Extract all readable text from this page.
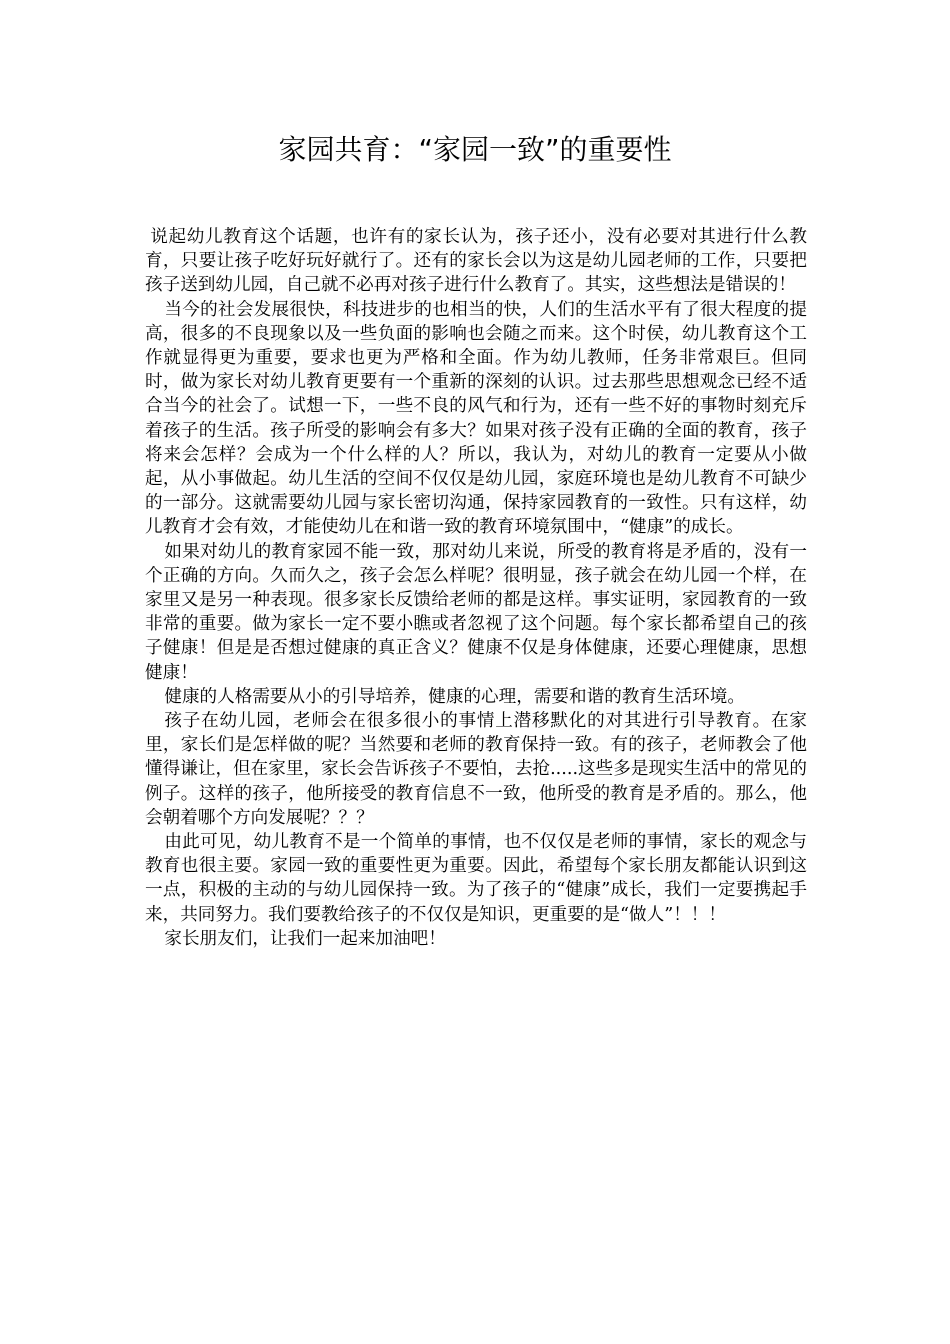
家园共育：“家园一致”的重要性

说起幼儿教育这个话题，也许有的家长认为，孩子还小，没有必要对其进行什么教育，只要让孩子吃好玩好就行了。还有的家长会以为这是幼儿园老师的工作，只要把孩子送到幼儿园，自己就不必再对孩子进行什么教育了。其实，这些想法是错误的！

当今的社会发展很快，科技进步的也相当的快，人们的生活水平有了很大程度的提高，很多的不良现象以及一些负面的影响也会随之而来。这个时侯，幼儿教育这个工作就显得更为重要，要求也更为严格和全面。作为幼儿教师，任务非常艰巨。但同时，做为家长对幼儿教育更要有一个重新的深刻的认识。过去那些思想观念已经不适合当今的社会了。试想一下，一些不良的风气和行为，还有一些不好的事物时刻充斥着孩子的生活。孩子所受的影响会有多大？如果对孩子没有正确的全面的教育，孩子将来会怎样？会成为一个什么样的人？所以，我认为，对幼儿的教育一定要从小做起，从小事做起。幼儿生活的空间不仅仅是幼儿园，家庭环境也是幼儿教育不可缺少的一部分。这就需要幼儿园与家长密切沟通，保持家园教育的一致性。只有这样，幼儿教育才会有效，才能使幼儿在和谐一致的教育环境氛围中，“健康”的成长。

如果对幼儿的教育家园不能一致，那对幼儿来说，所受的教育将是矛盾的，没有一个正确的方向。久而久之，孩子会怎么样呢？很明显，孩子就会在幼儿园一个样，在家里又是另一种表现。很多家长反馈给老师的都是这样。事实证明，家园教育的一致非常的重要。做为家长一定不要小瞧或者忽视了这个问题。每个家长都希望自己的孩子健康！但是是否想过健康的真正含义？健康不仅是身体健康，还要心理健康，思想健康！

健康的人格需要从小的引导培养，健康的心理，需要和谐的教育生活环境。

孩子在幼儿园，老师会在很多很小的事情上潜移默化的对其进行引导教育。在家里，家长们是怎样做的呢？当然要和老师的教育保持一致。有的孩子，老师教会了他懂得谦让，但在家里，家长会告诉孩子不要怕，去抢.....这些多是现实生活中的常见的例子。这样的孩子，他所接受的教育信息不一致，他所受的教育是矛盾的。那么，他会朝着哪个方向发展呢？？？

由此可见，幼儿教育不是一个简单的事情，也不仅仅是老师的事情，家长的观念与教育也很主要。家园一致的重要性更为重要。因此，希望每个家长朋友都能认识到这一点，积极的主动的与幼儿园保持一致。为了孩子的“健康”成长，我们一定要携起手来，共同努力。我们要教给孩子的不仅仅是知识，更重要的是“做人”！！！

家长朋友们，让我们一起来加油吧！
